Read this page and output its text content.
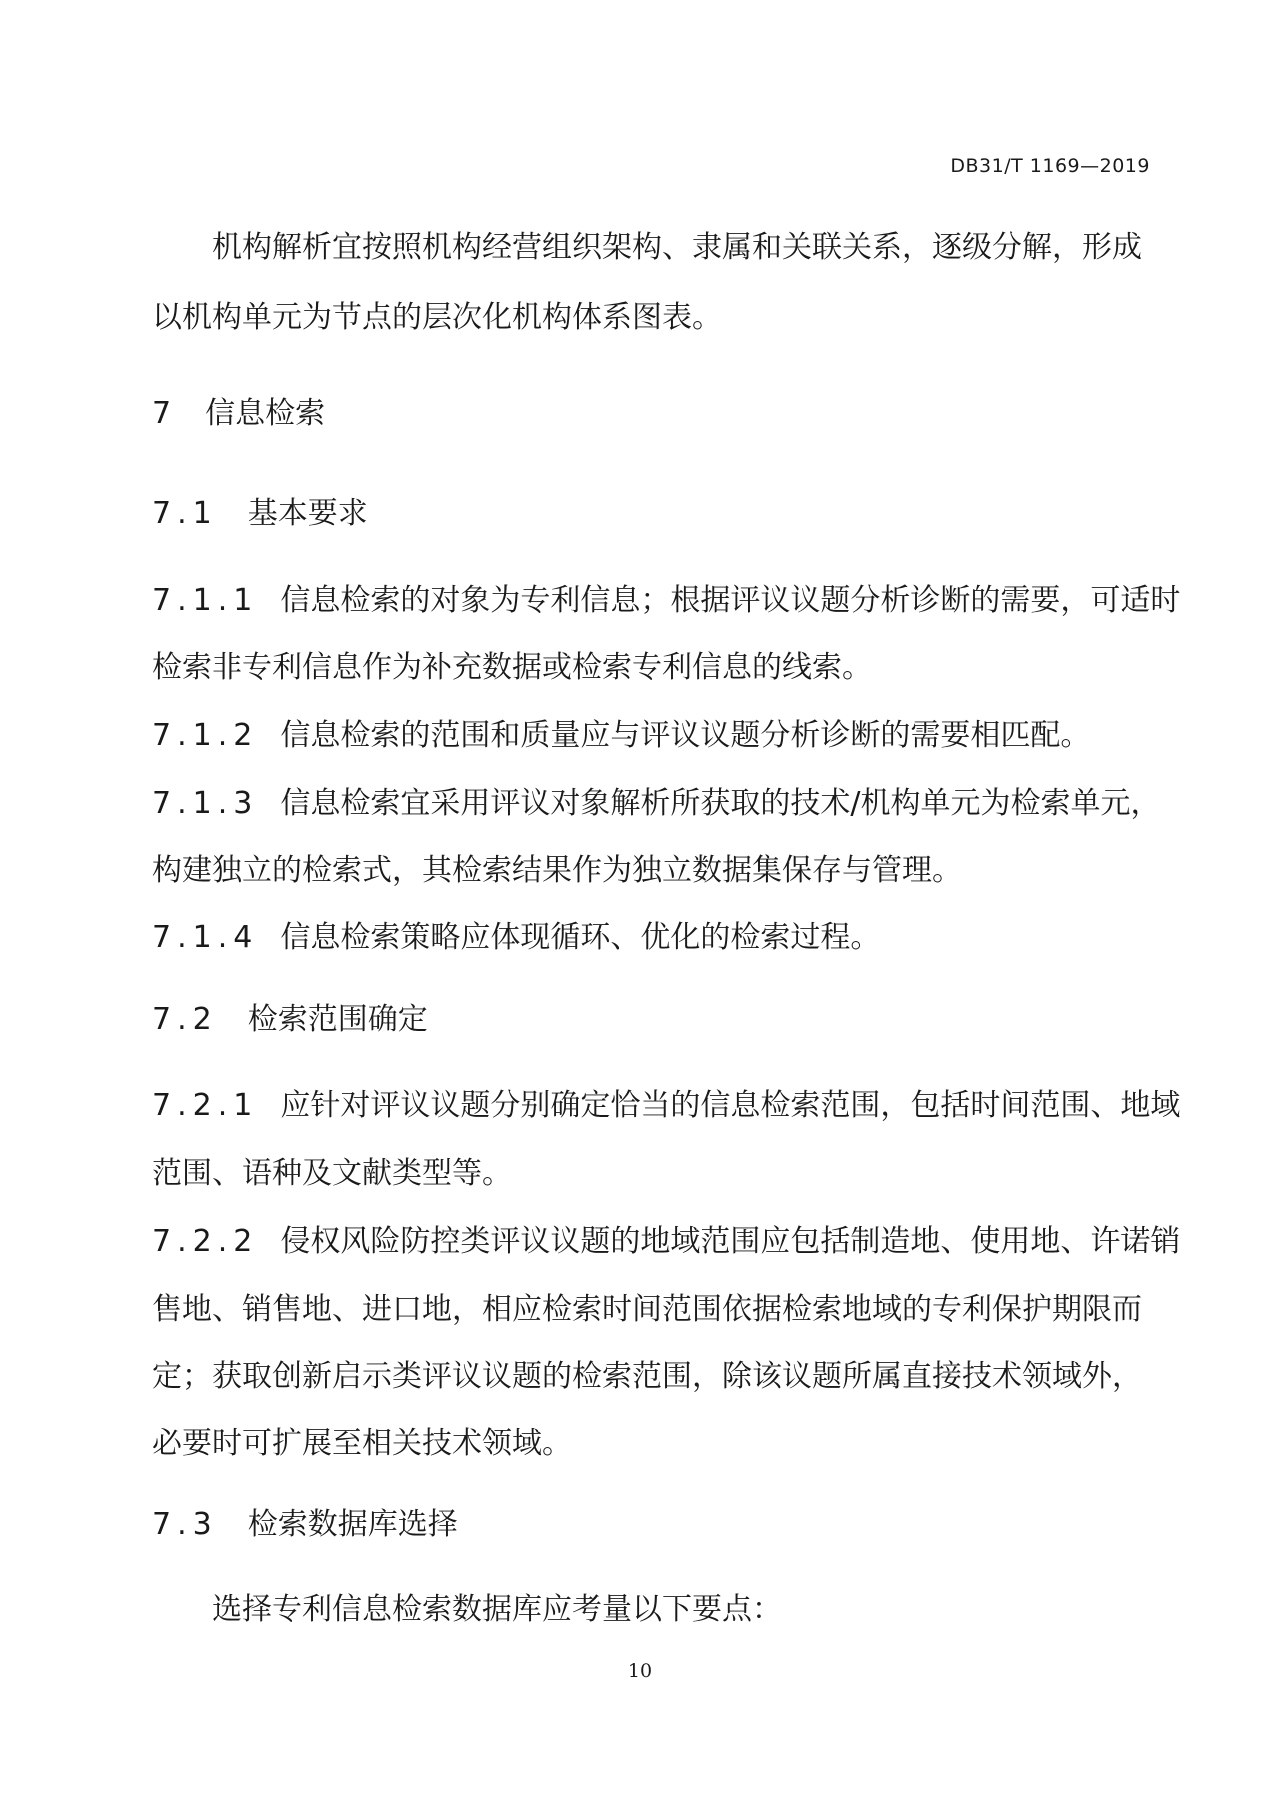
DB31/T 1169—2019
机构解析宜按照机构经营组织架构、隶属和关联关系，逐级分解，形成
以机构单元为节点的层次化机构体系图表。
7 信息检索
7.1 基本要求
7.1.1 信息检索的对象为专利信息；根据评议议题分析诊断的需要，可适时
检索非专利信息作为补充数据或检索专利信息的线索。
7.1.2 信息检索的范围和质量应与评议议题分析诊断的需要相匹配。
7.1.3 信息检索宜采用评议对象解析所获取的技术/机构单元为检索单元，
构建独立的检索式，其检索结果作为独立数据集保存与管理。
7.1.4 信息检索策略应体现循环、优化的检索过程。
7.2 检索范围确定
7.2.1 应针对评议议题分别确定恰当的信息检索范围，包括时间范围、地域
范围、语种及文献类型等。
7.2.2 侵权风险防控类评议议题的地域范围应包括制造地、使用地、许诺销
售地、销售地、进口地，相应检索时间范围依据检索地域的专利保护期限而
定；获取创新启示类评议议题的检索范围，除该议题所属直接技术领域外，
必要时可扩展至相关技术领域。
7.3 检索数据库选择
选择专利信息检索数据库应考量以下要点：
10
